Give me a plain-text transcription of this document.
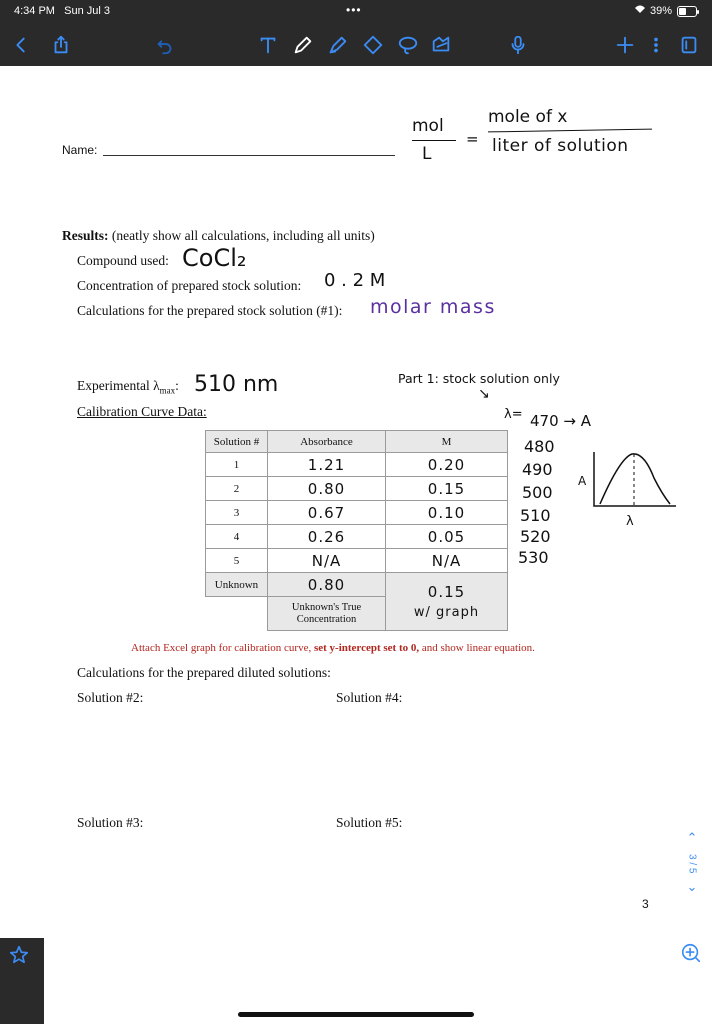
4:34 PM Sun Jul 3	•••	39%
mol
L
=
mole of x
liter of solution
Name:
Results: (neatly show all calculations, including all units)
Compound used: CoCl₂
Concentration of prepared stock solution: 0 . 2 M
Calculations for the prepared stock solution (#1): molar mass
Experimental $\lambda_{max}$: 510 nm	Part 1: stock solution only
↘
Calibration Curve Data:	λ= 470 → A
480
490
500
510
520
530
A
λ
Solution #	Absorbance	M
1	1.21	0.20
2	0.80	0.15
3	0.67	0.10
4	0.26	0.05
5	N/A	N/A
Unknown	0.80	0.15
w/ graph

	Unknown's True Concentration	
Attach Excel graph for calibration curve, set y-intercept set to 0, and show linear equation.
Calculations for the prepared diluted solutions:
Solution #2:	Solution #4:
Solution #3:	Solution #5:
3
⌃
3 / 5
⌄
